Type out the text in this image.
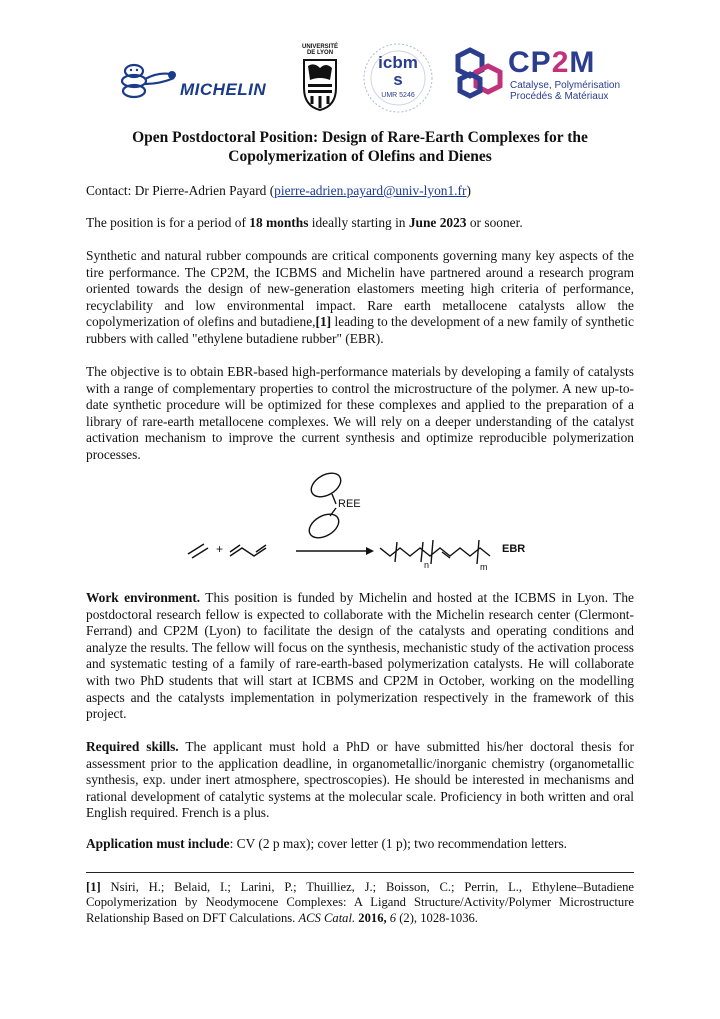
MICHELIN
UNIVERSITÉ
DE LYON	icbms
UMR 5246
CP2M
Catalyse, Polymérisation
Procédés & Matériaux
Open Postdoctoral Position: Design of Rare-Earth Complexes for the Copolymerization of Olefins and Dienes
Contact: Dr Pierre-Adrien Payard (pierre-adrien.payard@univ-lyon1.fr)
The position is for a period of 18 months ideally starting in June 2023 or sooner.
Synthetic and natural rubber compounds are critical components governing many key aspects of the tire performance. The CP2M, the ICBMS and Michelin have partnered around a research program oriented towards the design of new-generation elastomers meeting high criteria of performance, recyclability and low environmental impact. Rare earth metallocene catalysts allow the copolymerization of olefins and butadiene,[1] leading to the development of a new family of synthetic rubbers with called "ethylene butadiene rubber" (EBR).
The objective is to obtain EBR-based high-performance materials by developing a family of catalysts with a range of complementary properties to control the microstructure of the polymer. A new up-to-date synthetic procedure will be optimized for these complexes and applied to the preparation of a library of rare-earth metallocene complexes. We will rely on a deeper understanding of the catalyst activation mechanism to improve the current synthesis and optimize reproducible polymerization processes.
REE
+	EBR
n	m
Work environment. This position is funded by Michelin and hosted at the ICBMS in Lyon. The postdoctoral research fellow is expected to collaborate with the Michelin research center (Clermont-Ferrand) and CP2M (Lyon) to facilitate the design of the catalysts and operating conditions and analyze the results. The fellow will focus on the synthesis, mechanistic study of the activation process and systematic testing of a family of rare-earth-based polymerization catalysts. He will collaborate with two PhD students that will start at ICBMS and CP2M in October, working on the modelling aspects and the catalysts implementation in polymerization respectively in the framework of this project.
Required skills. The applicant must hold a PhD or have submitted his/her doctoral thesis for assessment prior to the application deadline, in organometallic/inorganic chemistry (organometallic synthesis, exp. under inert atmosphere, spectroscopies). He should be interested in mechanisms and rational development of catalytic systems at the molecular scale. Proficiency in both written and oral English required. French is a plus.
Application must include: CV (2 p max); cover letter (1 p); two recommendation letters.
[1] Nsiri, H.; Belaid, I.; Larini, P.; Thuilliez, J.; Boisson, C.; Perrin, L., Ethylene–Butadiene Copolymerization by Neodymocene Complexes: A Ligand Structure/Activity/Polymer Microstructure Relationship Based on DFT Calculations. ACS Catal. 2016, 6 (2), 1028-1036.
